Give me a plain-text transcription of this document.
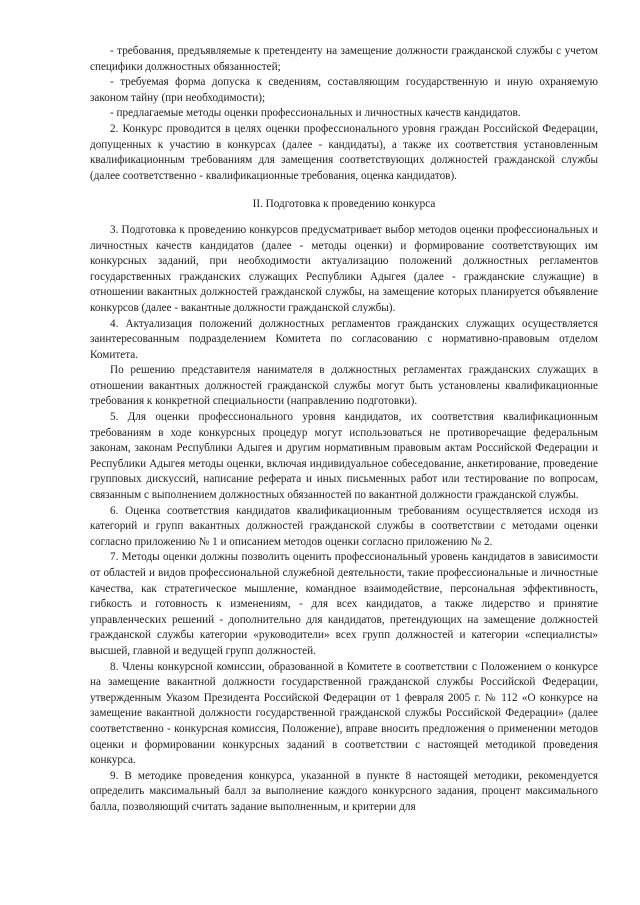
- требования, предъявляемые к претенденту на замещение должности гражданской службы с учетом специфики должностных обязанностей;

- требуемая форма допуска к сведениям, составляющим государственную и иную охраняемую законом тайну (при необходимости);

- предлагаемые методы оценки профессиональных и личностных качеств кандидатов.

2. Конкурс проводится в целях оценки профессионального уровня граждан Российской Федерации, допущенных к участию в конкурсах (далее - кандидаты), а также их соответствия установленным квалификационным требованиям для замещения соответствующих должностей гражданской службы (далее соответственно - квалификационные требования, оценка кандидатов).

II. Подготовка к проведению конкурса

3. Подготовка к проведению конкурсов предусматривает выбор методов оценки профессиональных и личностных качеств кандидатов (далее - методы оценки) и формирование соответствующих им конкурсных заданий, при необходимости актуализацию положений должностных регламентов государственных гражданских служащих Республики Адыгея (далее - гражданские служащие) в отношении вакантных должностей гражданской службы, на замещение которых планируется объявление конкурсов (далее - вакантные должности гражданской службы).

4. Актуализация положений должностных регламентов гражданских служащих осуществляется заинтересованным подразделением Комитета по согласованию с нормативно-правовым отделом Комитета.

По решению представителя нанимателя в должностных регламентах гражданских служащих в отношении вакантных должностей гражданской службы могут быть установлены квалификационные требования к конкретной специальности (направлению подготовки).

5. Для оценки профессионального уровня кандидатов, их соответствия квалификационным требованиям в ходе конкурсных процедур могут использоваться не противоречащие федеральным законам, законам Республики Адыгея и другим нормативным правовым актам Российской Федерации и Республики Адыгея методы оценки, включая индивидуальное собеседование, анкетирование, проведение групповых дискуссий, написание реферата и иных письменных работ или тестирование по вопросам, связанным с выполнением должностных обязанностей по вакантной должности гражданской службы.

6. Оценка соответствия кандидатов квалификационным требованиям осуществляется исходя из категорий и групп вакантных должностей гражданской службы в соответствии с методами оценки согласно приложению № 1 и описанием методов оценки согласно приложению № 2.

7. Методы оценки должны позволить оценить профессиональный уровень кандидатов в зависимости от областей и видов профессиональной служебной деятельности, такие профессиональные и личностные качества, как стратегическое мышление, командное взаимодействие, персональная эффективность, гибкость и готовность к изменениям, - для всех кандидатов, а также лидерство и принятие управленческих решений - дополнительно для кандидатов, претендующих на замещение должностей гражданской службы категории «руководители» всех групп должностей и категории «специалисты» высшей, главной и ведущей групп должностей.

8. Члены конкурсной комиссии, образованной в Комитете в соответствии с Положением о конкурсе на замещение вакантной должности государственной гражданской службы Российской Федерации, утвержденным Указом Президента Российской Федерации от 1 февраля 2005 г. № 112 «О конкурсе на замещение вакантной должности государственной гражданской службы Российской Федерации» (далее соответственно - конкурсная комиссия, Положение), вправе вносить предложения о применении методов оценки и формировании конкурсных заданий в соответствии с настоящей методикой проведения конкурса.

9. В методике проведения конкурса, указанной в пункте 8 настоящей методики, рекомендуется определить максимальный балл за выполнение каждого конкурсного задания, процент максимального балла, позволяющий считать задание выполненным, и критерии для
